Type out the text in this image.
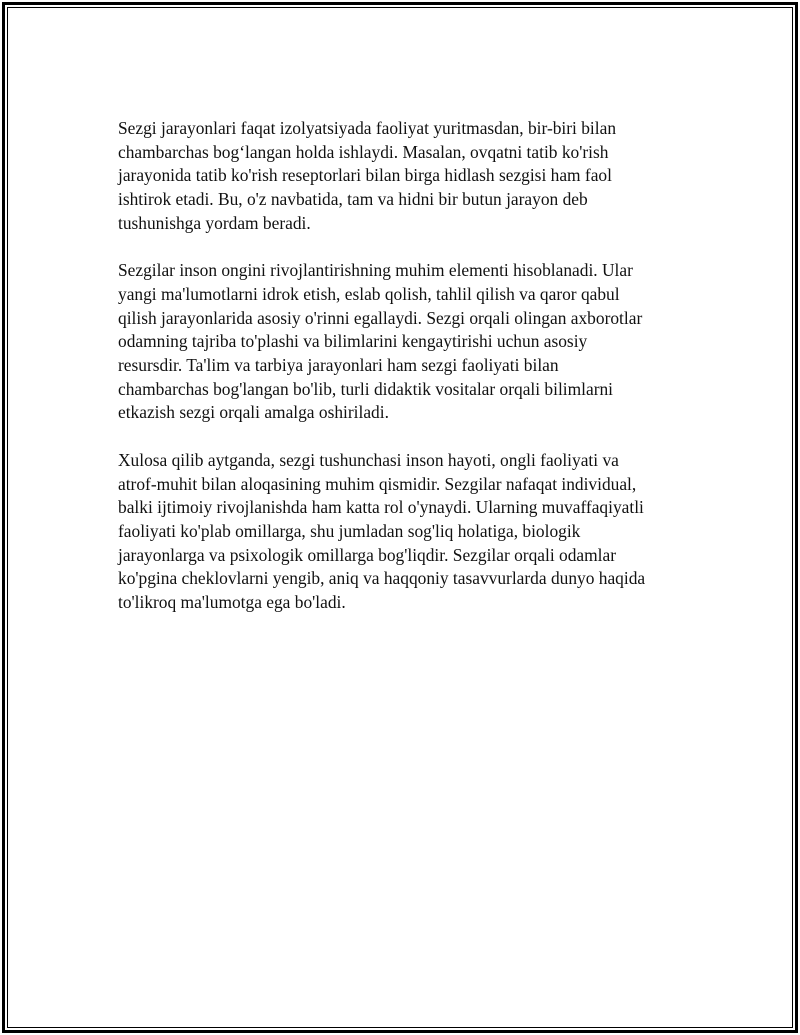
Sezgi jarayonlari faqat izolyatsiyada faoliyat yuritmasdan, bir-biri bilan
chambarchas bog‘langan holda ishlaydi. Masalan, ovqatni tatib ko'rish
jarayonida tatib ko'rish reseptorlari bilan birga hidlash sezgisi ham faol
ishtirok etadi. Bu, o'z navbatida, tam va hidni bir butun jarayon deb
tushunishga yordam beradi.

Sezgilar inson ongini rivojlantirishning muhim elementi hisoblanadi. Ular
yangi ma'lumotlarni idrok etish, eslab qolish, tahlil qilish va qaror qabul
qilish jarayonlarida asosiy o'rinni egallaydi. Sezgi orqali olingan axborotlar
odamning tajriba to'plashi va bilimlarini kengaytirishi uchun asosiy
resursdir. Ta'lim va tarbiya jarayonlari ham sezgi faoliyati bilan
chambarchas bog'langan bo'lib, turli didaktik vositalar orqali bilimlarni
etkazish sezgi orqali amalga oshiriladi.

Xulosa qilib aytganda, sezgi tushunchasi inson hayoti, ongli faoliyati va
atrof-muhit bilan aloqasining muhim qismidir. Sezgilar nafaqat individual,
balki ijtimoiy rivojlanishda ham katta rol o'ynaydi. Ularning muvaffaqiyatli
faoliyati ko'plab omillarga, shu jumladan sog'liq holatiga, biologik
jarayonlarga va psixologik omillarga bog'liqdir. Sezgilar orqali odamlar
ko'pgina cheklovlarni yengib, aniq va haqqoniy tasavvurlarda dunyo haqida
to'likroq ma'lumotga ega bo'ladi.
